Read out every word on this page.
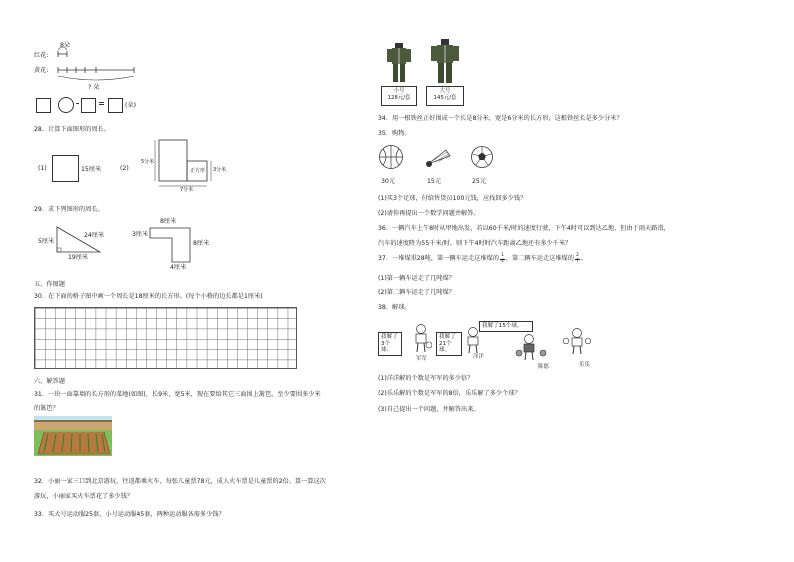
8朵
红花:
黄花:
? 朵
(朵)
28．计算下面图形的周长。
(1)	15厘米	(2)
5分米
正方形 3分米
7分米
29．求下列图形的周长。
5厘米
24厘米
19厘米
8厘米
3厘米
8厘米
4厘米
五、作图题
30．在下面的格子图中画一个周长是18厘米的长方形。(每个小格的边长都是1厘米)
六、解答题
31．一块一面靠墙的长方形的菜地(如图)，长9米，宽5米，现在要给其它三面围上篱笆，至少要围多少米
的篱笆？
32．小丽一家三口到北京游玩，往返都乘火车，每张儿童票78元，成人火车票是儿童票的2倍。算一算这次
游玩，小丽家买火车票花了多少钱？
33．买大号运动服25套，小号运动服45套，两种运动服各需多少钱？
小号
128元/套
大号
145元/套
34．用一根铁丝正好围成一个长是8分米，宽是6分米的长方形，这根铁丝长是多少分米？
35．购物。
30元	15元	25元
(1)买3个足球，付给售货员100元钱，应找回多少钱？
(2)请你再提出一个数学问题并解答。
36．一辆汽车上午8时从甲地出发，若以60千米/时的速度行驶，下午4时可以到达乙地，但由于雨天路滑，
汽车的速度降为55千米/时，则下午4时时汽车距离乙地还有多少千米？
37．一堆煤重28吨，第一辆车运走这堆煤的 $\frac{1}{4}$ ，第二辆车运走这堆煤的 $\frac{2}{7}$ 。
(1)第一辆车运走了几吨煤？
(2)第二辆车运走了几吨煤？
38．解球。
我解了3个球。
我解了21个球。
我解了15个球。
军军	洋洋
陈德	乐乐
(1)洋洋解的个数是军军的多少倍？
(2)乐乐解的个数是军军的8倍，乐乐解了多少个球？
(3)自己提出一个问题，并解答出来。
